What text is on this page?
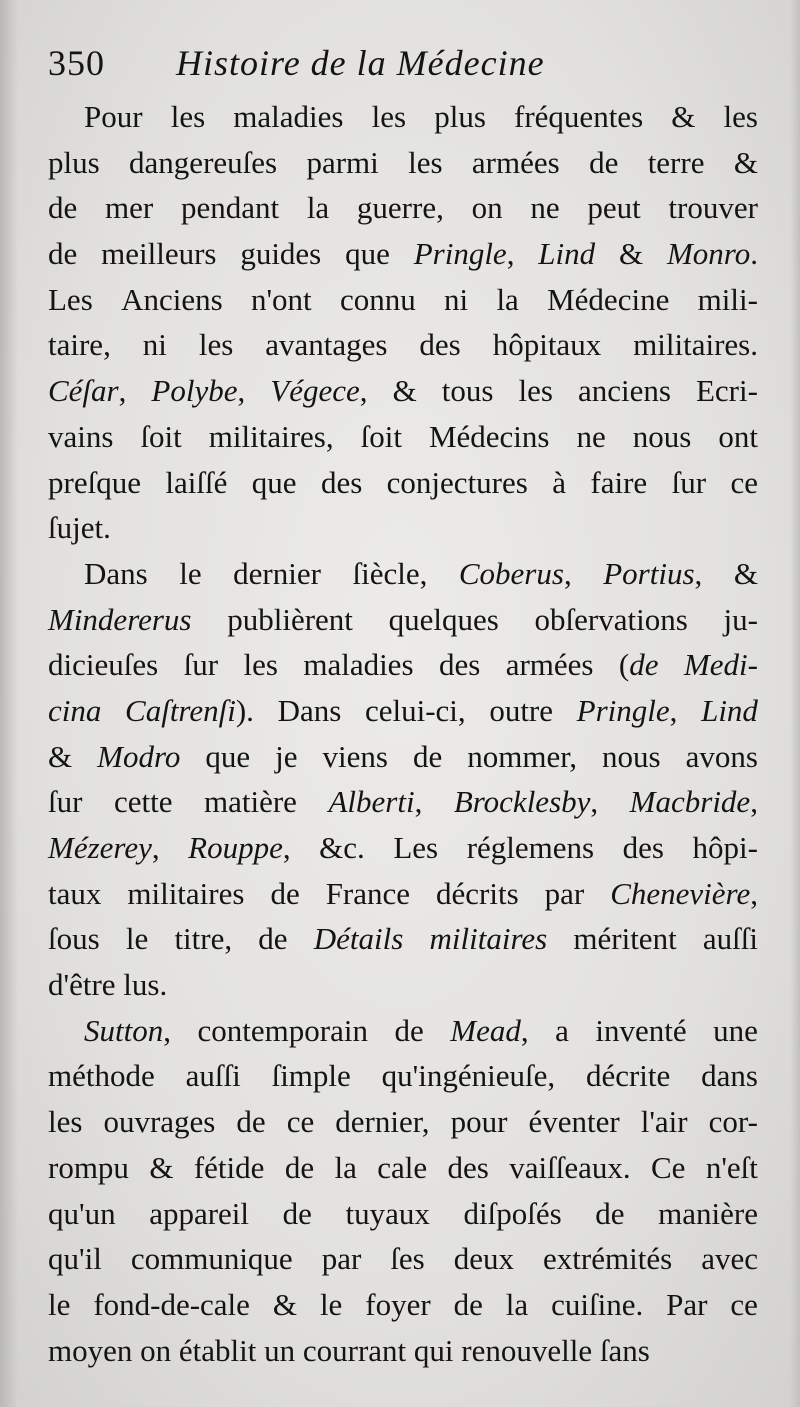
350 Histoire de la Médecine
Pour les maladies les plus fréquentes & les
plus dangereuſes parmi les armées de terre &
de mer pendant la guerre, on ne peut trouver
de meilleurs guides que Pringle, Lind & Monro.
Les Anciens n'ont connu ni la Médecine mili-
taire, ni les avantages des hôpitaux militaires.
Céſar, Polybe, Végece, & tous les anciens Ecri-
vains ſoit militaires, ſoit Médecins ne nous ont
preſque laiſſé que des conjectures à faire ſur ce
ſujet.
Dans le dernier ſiècle, Coberus, Portius, &
Mindererus publièrent quelques obſervations ju-
dicieuſes ſur les maladies des armées (de Medi-
cina Caſtrenſi). Dans celui-ci, outre Pringle, Lind
& Modro que je viens de nommer, nous avons
ſur cette matière Alberti, Brocklesby, Macbride,
Mézerey, Rouppe, &c. Les réglemens des hôpi-
taux militaires de France décrits par Chenevière,
ſous le titre, de Détails militaires méritent auſſi
d'être lus.
Sutton, contemporain de Mead, a inventé une
méthode auſſi ſimple qu'ingénieuſe, décrite dans
les ouvrages de ce dernier, pour éventer l'air cor-
rompu & fétide de la cale des vaiſſeaux. Ce n'eſt
qu'un appareil de tuyaux diſpoſés de manière
qu'il communique par ſes deux extrémités avec
le fond-de-cale & le foyer de la cuiſine. Par ce
moyen on établit un courrant qui renouvelle ſans
